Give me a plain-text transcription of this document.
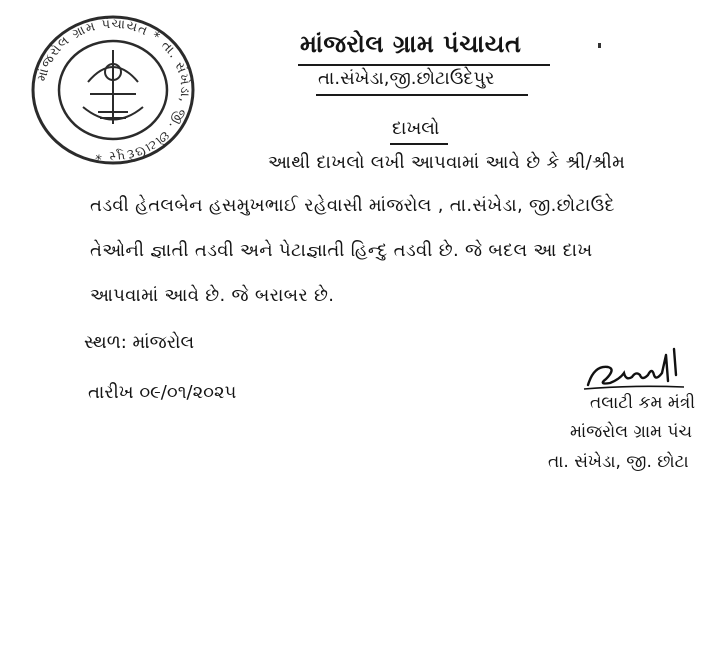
માંજરોલ ગ્રામ પંચાયત * તા. સંખેડા, જી. છોટાઉદેપુર *
માંજરોલ ગ્રામ પંચાયત
તા.સંખેડા,જી.છોટાઉદેપુર
દાખલો
આથી દાખલો લખી આપવામાં આવે છે કે શ્રી/શ્રીમ
તડવી હેતલબેન હસમુખભાઈ રહેવાસી માંજરોલ , તા.સંખેડા, જી.છોટાઉદે
તેઓની જ્ઞાતી તડવી અને પેટાજ્ઞાતી હિન્દુ તડવી છે. જે બદલ આ દાખ
આપવામાં આવે છે. જે બરાબર છે.
સ્થળ: માંજરોલ
તારીખ ૦૯/૦૧/૨૦૨૫	તલાટી કમ મંત્રી
માંજરોલ ગ્રામ પંચ
તા. સંખેડા, જી. છોટા
